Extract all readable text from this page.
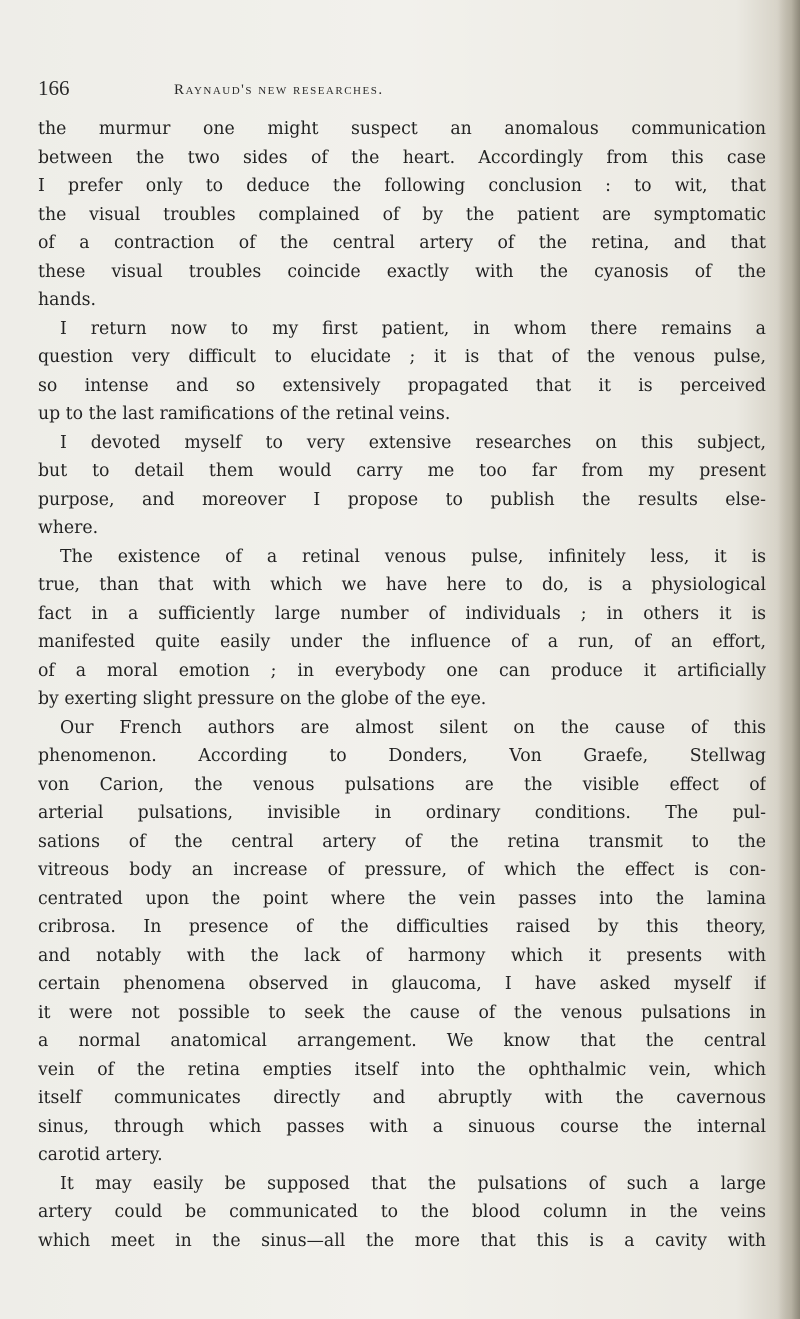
166	Raynaud's new researches.
the murmur one might suspect an anomalous communication
between the two sides of the heart. Accordingly from this case
I prefer only to deduce the following conclusion : to wit, that
the visual troubles complained of by the patient are symptomatic
of a contraction of the central artery of the retina, and that
these visual troubles coincide exactly with the cyanosis of the
hands.
I return now to my first patient, in whom there remains a
question very difficult to elucidate ; it is that of the venous pulse,
so intense and so extensively propagated that it is perceived
up to the last ramifications of the retinal veins.
I devoted myself to very extensive researches on this subject,
but to detail them would carry me too far from my present
purpose, and moreover I propose to publish the results else-
where.
The existence of a retinal venous pulse, infinitely less, it is
true, than that with which we have here to do, is a physiological
fact in a sufficiently large number of individuals ; in others it is
manifested quite easily under the influence of a run, of an effort,
of a moral emotion ; in everybody one can produce it artificially
by exerting slight pressure on the globe of the eye.
Our French authors are almost silent on the cause of this
phenomenon. According to Donders, Von Graefe, Stellwag
von Carion, the venous pulsations are the visible effect of
arterial pulsations, invisible in ordinary conditions. The pul-
sations of the central artery of the retina transmit to the
vitreous body an increase of pressure, of which the effect is con-
centrated upon the point where the vein passes into the lamina
cribrosa. In presence of the difficulties raised by this theory,
and notably with the lack of harmony which it presents with
certain phenomena observed in glaucoma, I have asked myself if
it were not possible to seek the cause of the venous pulsations in
a normal anatomical arrangement. We know that the central
vein of the retina empties itself into the ophthalmic vein, which
itself communicates directly and abruptly with the cavernous
sinus, through which passes with a sinuous course the internal
carotid artery.
It may easily be supposed that the pulsations of such a large
artery could be communicated to the blood column in the veins
which meet in the sinus—all the more that this is a cavity with
